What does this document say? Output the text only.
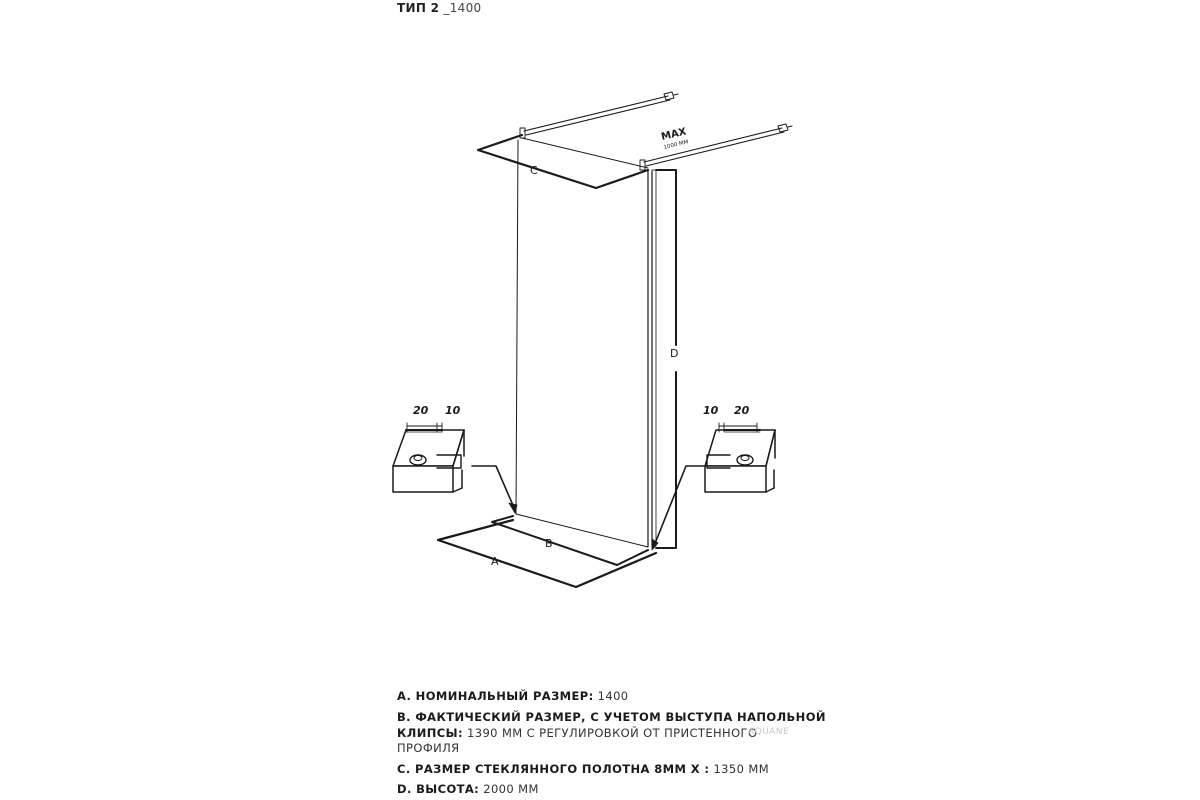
ТИП 2 _1400
C
D
B
A
MAX
1000 ММ
20 10	10 20
A. НОМИНАЛЬНЫЙ РАЗМЕР: 1400
B. ФАКТИЧЕСКИЙ РАЗМЕР, С УЧЕТОМ ВЫСТУПА НАПОЛЬНОЙ
КЛИПСЫ: 1390 ММ С РЕГУЛИРОВКОЙ ОТ ПРИСТЕННОГО
ПРОФИЛЯ
C. РАЗМЕР СТЕКЛЯННОГО ПОЛОТНА 8ММ X : 1350 ММ
D. ВЫСОТА: 2000 ММ
AQUANE
